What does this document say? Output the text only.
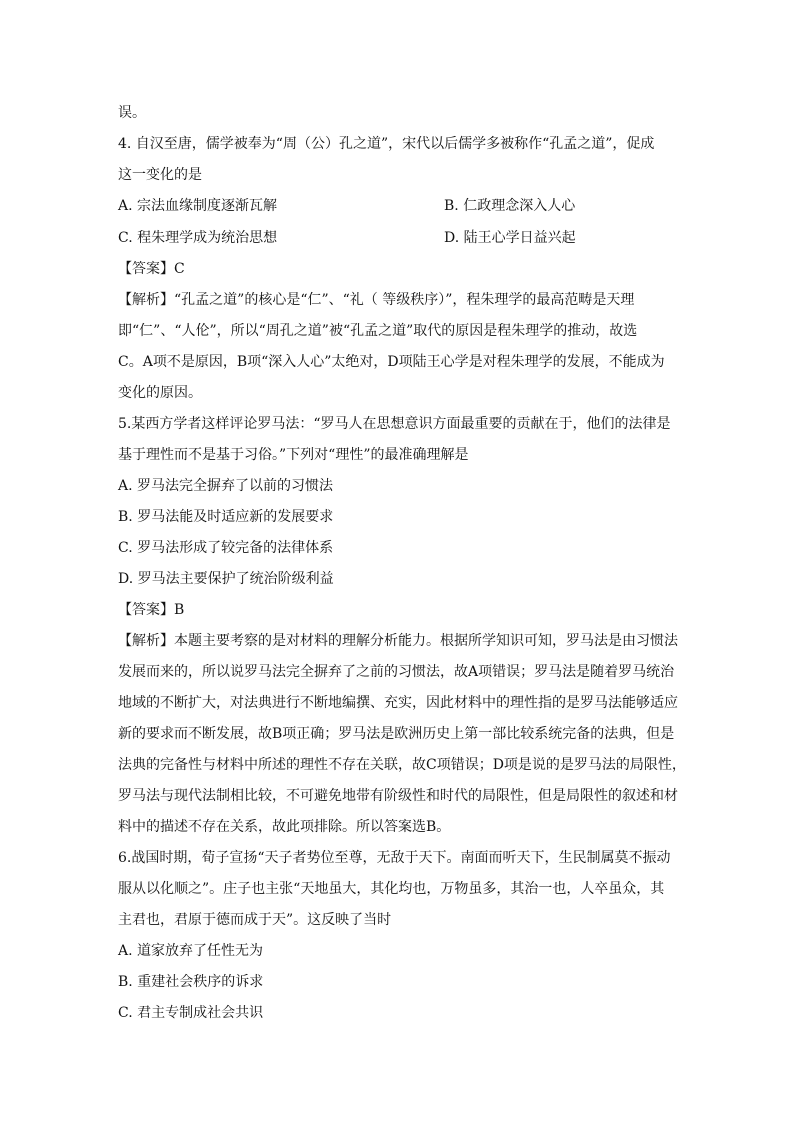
误。
4. 自汉至唐，儒学被奉为“周（公）孔之道”，宋代以后儒学多被称作“孔孟之道”，促成
这一变化的是
A. 宗法血缘制度逐渐瓦解	B. 仁政理念深入人心
C. 程朱理学成为统治思想	D. 陆王心学日益兴起
【答案】C
【解析】“孔孟之道”的核心是“仁”、“礼（ 等级秩序）”，程朱理学的最高范畴是天理
即“仁”、“人伦”，所以“周孔之道”被“孔孟之道”取代的原因是程朱理学的推动，故选
C。A项不是原因，B项“深入人心”太绝对，D项陆王心学是对程朱理学的发展，不能成为
变化的原因。
5.某西方学者这样评论罗马法：“罗马人在思想意识方面最重要的贡献在于，他们的法律是
基于理性而不是基于习俗。”下列对“理性”的最准确理解是
A. 罗马法完全摒弃了以前的习惯法
B. 罗马法能及时适应新的发展要求
C. 罗马法形成了较完备的法律体系
D. 罗马法主要保护了统治阶级利益
【答案】B
【解析】本题主要考察的是对材料的理解分析能力。根据所学知识可知，罗马法是由习惯法
发展而来的，所以说罗马法完全摒弃了之前的习惯法，故A项错误；罗马法是随着罗马统治
地域的不断扩大，对法典进行不断地编撰、充实，因此材料中的理性指的是罗马法能够适应
新的要求而不断发展，故B项正确；罗马法是欧洲历史上第一部比较系统完备的法典，但是
法典的完备性与材料中所述的理性不存在关联，故C项错误；D项是说的是罗马法的局限性，
罗马法与现代法制相比较，不可避免地带有阶级性和时代的局限性，但是局限性的叙述和材
料中的描述不存在关系，故此项排除。所以答案选B。
6.战国时期，荀子宣扬“天子者势位至尊，无敌于天下。南面而听天下，生民制属莫不振动
服从以化顺之”。庄子也主张“天地虽大，其化均也，万物虽多，其治一也，人卒虽众，其
主君也，君原于德而成于天”。这反映了当时
A. 道家放弃了任性无为
B. 重建社会秩序的诉求
C. 君主专制成社会共识
